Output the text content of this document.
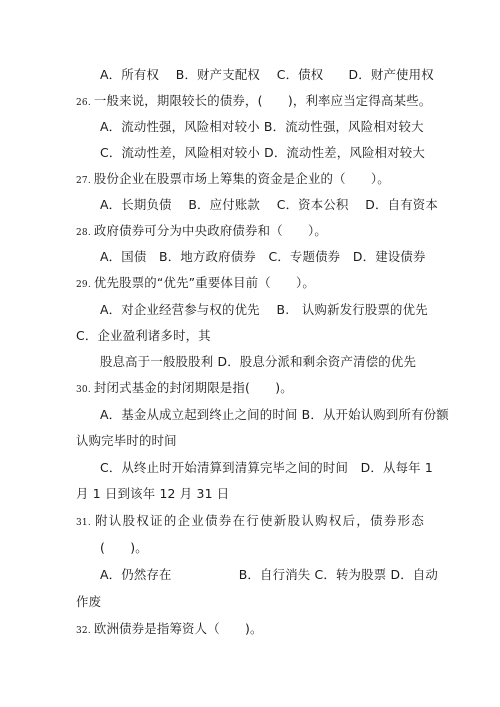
A．所有权　 B．财产支配权　 C．债权　　D．财产使用权
26. 一般来说，期限较长的债券，(　　)，利率应当定得高某些。
A．流动性强，风险相对较小 B．流动性强，风险相对较大
C．流动性差，风险相对较小 D．流动性差，风险相对较大
27. 股份企业在股票市场上筹集的资金是企业的（　　）。
A．长期负债　 B．应付账款　 C．资本公积　 D．自有资本
28. 政府债券可分为中央政府债券和（　　）。
A．国债　B．地方政府债券　C．专题债券　D．建设债券
29. 优先股票的“优先”重要体目前（　　）。
A．对企业经营参与权的优先　 B.　认购新发行股票的优先
C．企业盈利诸多时，其
股息高于一般股股利 D．股息分派和剩余资产清偿的优先
30. 封闭式基金的封闭期限是指(　　)。
A．基金从成立起到终止之间的时间 B．从开始认购到所有份额
认购完毕时的时间
C．从终止时开始清算到清算完毕之间的时间　D．从每年 1
月 1 日到该年 12 月 31 日
31. 附认股权证的企业债券在行使新股认购权后，债券形态
(　　)。
A．仍然存在　　　　　 B．自行消失 C．转为股票 D．自动
作废
32. 欧洲债券是指筹资人（　　)。
